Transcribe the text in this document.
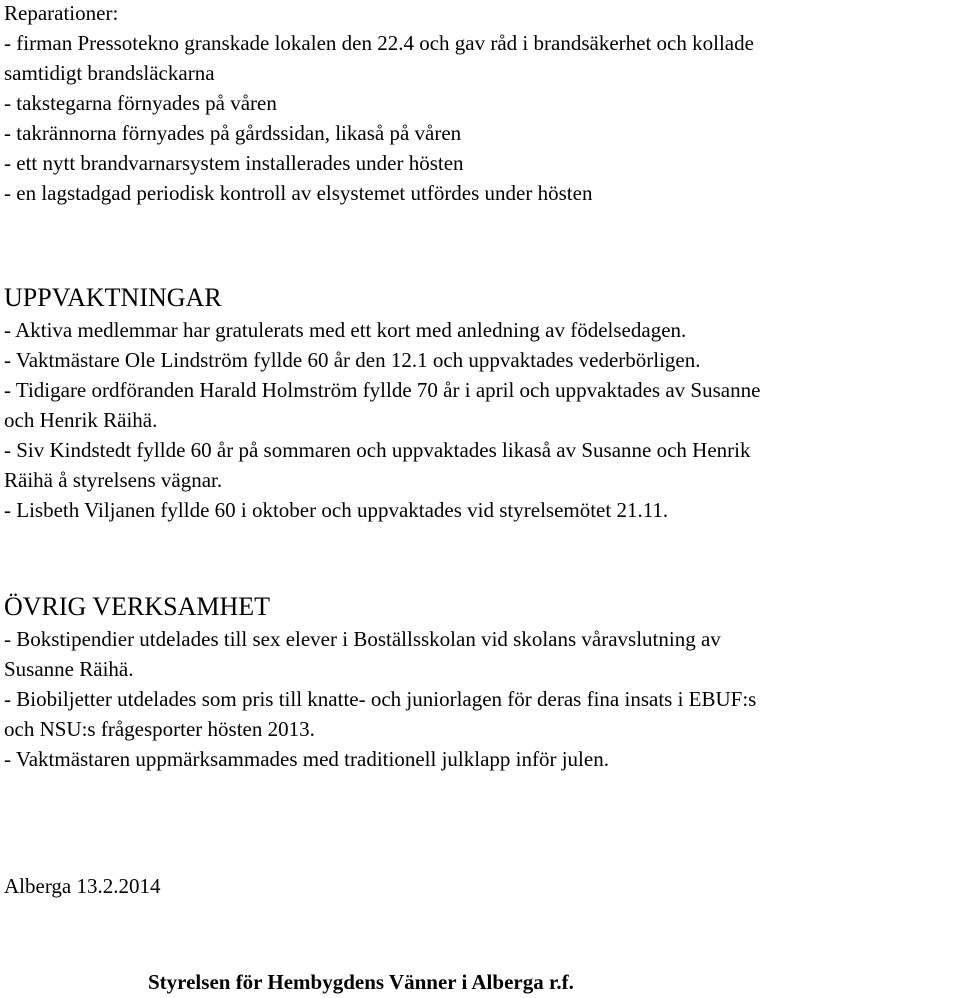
Reparationer:

- firman Pressotekno granskade lokalen den 22.4 och gav råd i brandsäkerhet och kollade

samtidigt brandsläckarna

- takstegarna förnyades på våren

- takrännorna förnyades på gårdssidan, likaså på våren

- ett nytt brandvarnarsystem installerades under hösten

- en lagstadgad periodisk kontroll av elsystemet utfördes under hösten

UPPVAKTNINGAR

- Aktiva medlemmar har gratulerats med ett kort med anledning av födelsedagen.

- Vaktmästare Ole Lindström fyllde 60 år den 12.1 och uppvaktades vederbörligen.

- Tidigare ordföranden Harald Holmström fyllde 70 år i april och uppvaktades av Susanne

och Henrik Räihä.

- Siv Kindstedt fyllde 60 år på sommaren och uppvaktades likaså av Susanne och Henrik

Räihä å styrelsens vägnar.

- Lisbeth Viljanen fyllde 60 i oktober och uppvaktades vid styrelsemötet 21.11.

ÖVRIG VERKSAMHET

- Bokstipendier utdelades till sex elever i Boställsskolan vid skolans våravslutning av

Susanne Räihä.

- Biobiljetter utdelades som pris till knatte- och juniorlagen för deras fina insats i EBUF:s

och NSU:s frågesporter hösten 2013.

- Vaktmästaren uppmärksammades med traditionell julklapp inför julen.

Alberga 13.2.2014

Styrelsen för Hembygdens Vänner i Alberga r.f.
